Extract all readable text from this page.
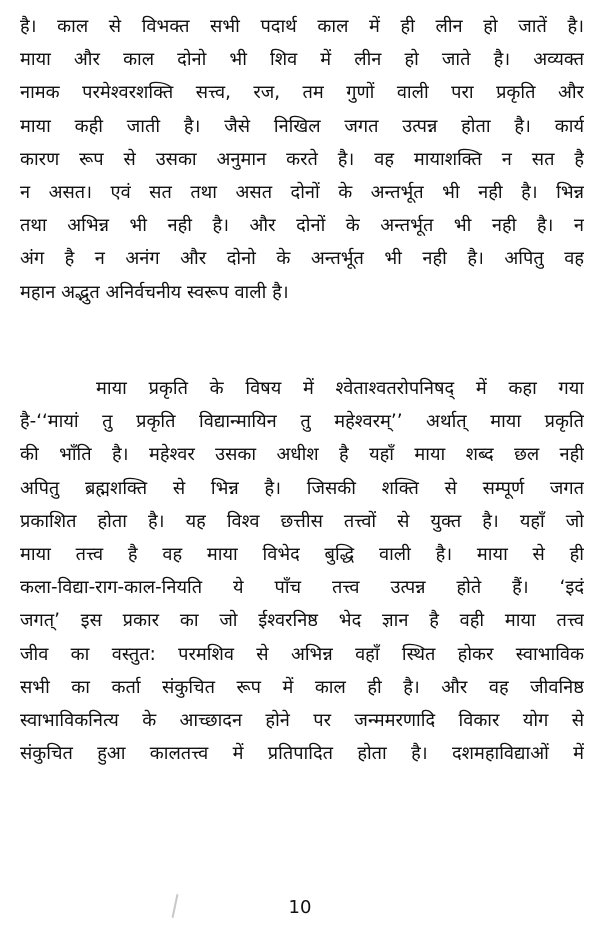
है। काल से विभक्त सभी पदार्थ काल में ही लीन हो जातें है।
माया और काल दोनो भी शिव में लीन हो जाते है। अव्यक्त
नामक परमेश्वरशक्ति सत्त्व, रज, तम गुणों वाली परा प्रकृति और
माया कही जाती है। जैसे निखिल जगत उत्पन्न होता है। कार्य
कारण रूप से उसका अनुमान करते है। वह मायाशक्ति न सत है
न असत। एवं सत तथा असत दोनों के अन्तर्भूत भी नही है। भिन्न
तथा अभिन्न भी नही है। और दोनों के अन्तर्भूत भी नही है। न
अंग है न अनंग और दोनो के अन्तर्भूत भी नही है। अपितु वह
महान अद्भुत अनिर्वचनीय स्वरूप वाली है।
माया प्रकृति के विषय में श्वेताश्वतरोपनिषद् में कहा गया
है-‘‘मायां तु प्रकृति विद्यान्मायिन तु महेश्वरम्’’ अर्थात् माया प्रकृति
की भाँति है। महेश्वर उसका अधीश है यहाँ माया शब्द छल नही
अपितु ब्रह्मशक्ति से भिन्न है। जिसकी शक्ति से सम्पूर्ण जगत
प्रकाशित होता है। यह विश्व छत्तीस तत्त्वों से युक्त है। यहाँ जो
माया तत्त्व है वह माया विभेद बुद्धि वाली है। माया से ही
कला-विद्या-राग-काल-नियति ये पाँच तत्त्व उत्पन्न होते हैं। ‘इदं
जगत्’ इस प्रकार का जो ईश्वरनिष्ठ भेद ज्ञान है वही माया तत्त्व
जीव का वस्तुत: परमशिव से अभिन्न वहाँ स्थित होकर स्वाभाविक
सभी का कर्ता संकुचित रूप में काल ही है। और वह जीवनिष्ठ
स्वाभाविकनित्य के आच्छादन होने पर जन्ममरणादि विकार योग से
संकुचित हुआ कालतत्त्व में प्रतिपादित होता है। दशमहाविद्याओं में
10
